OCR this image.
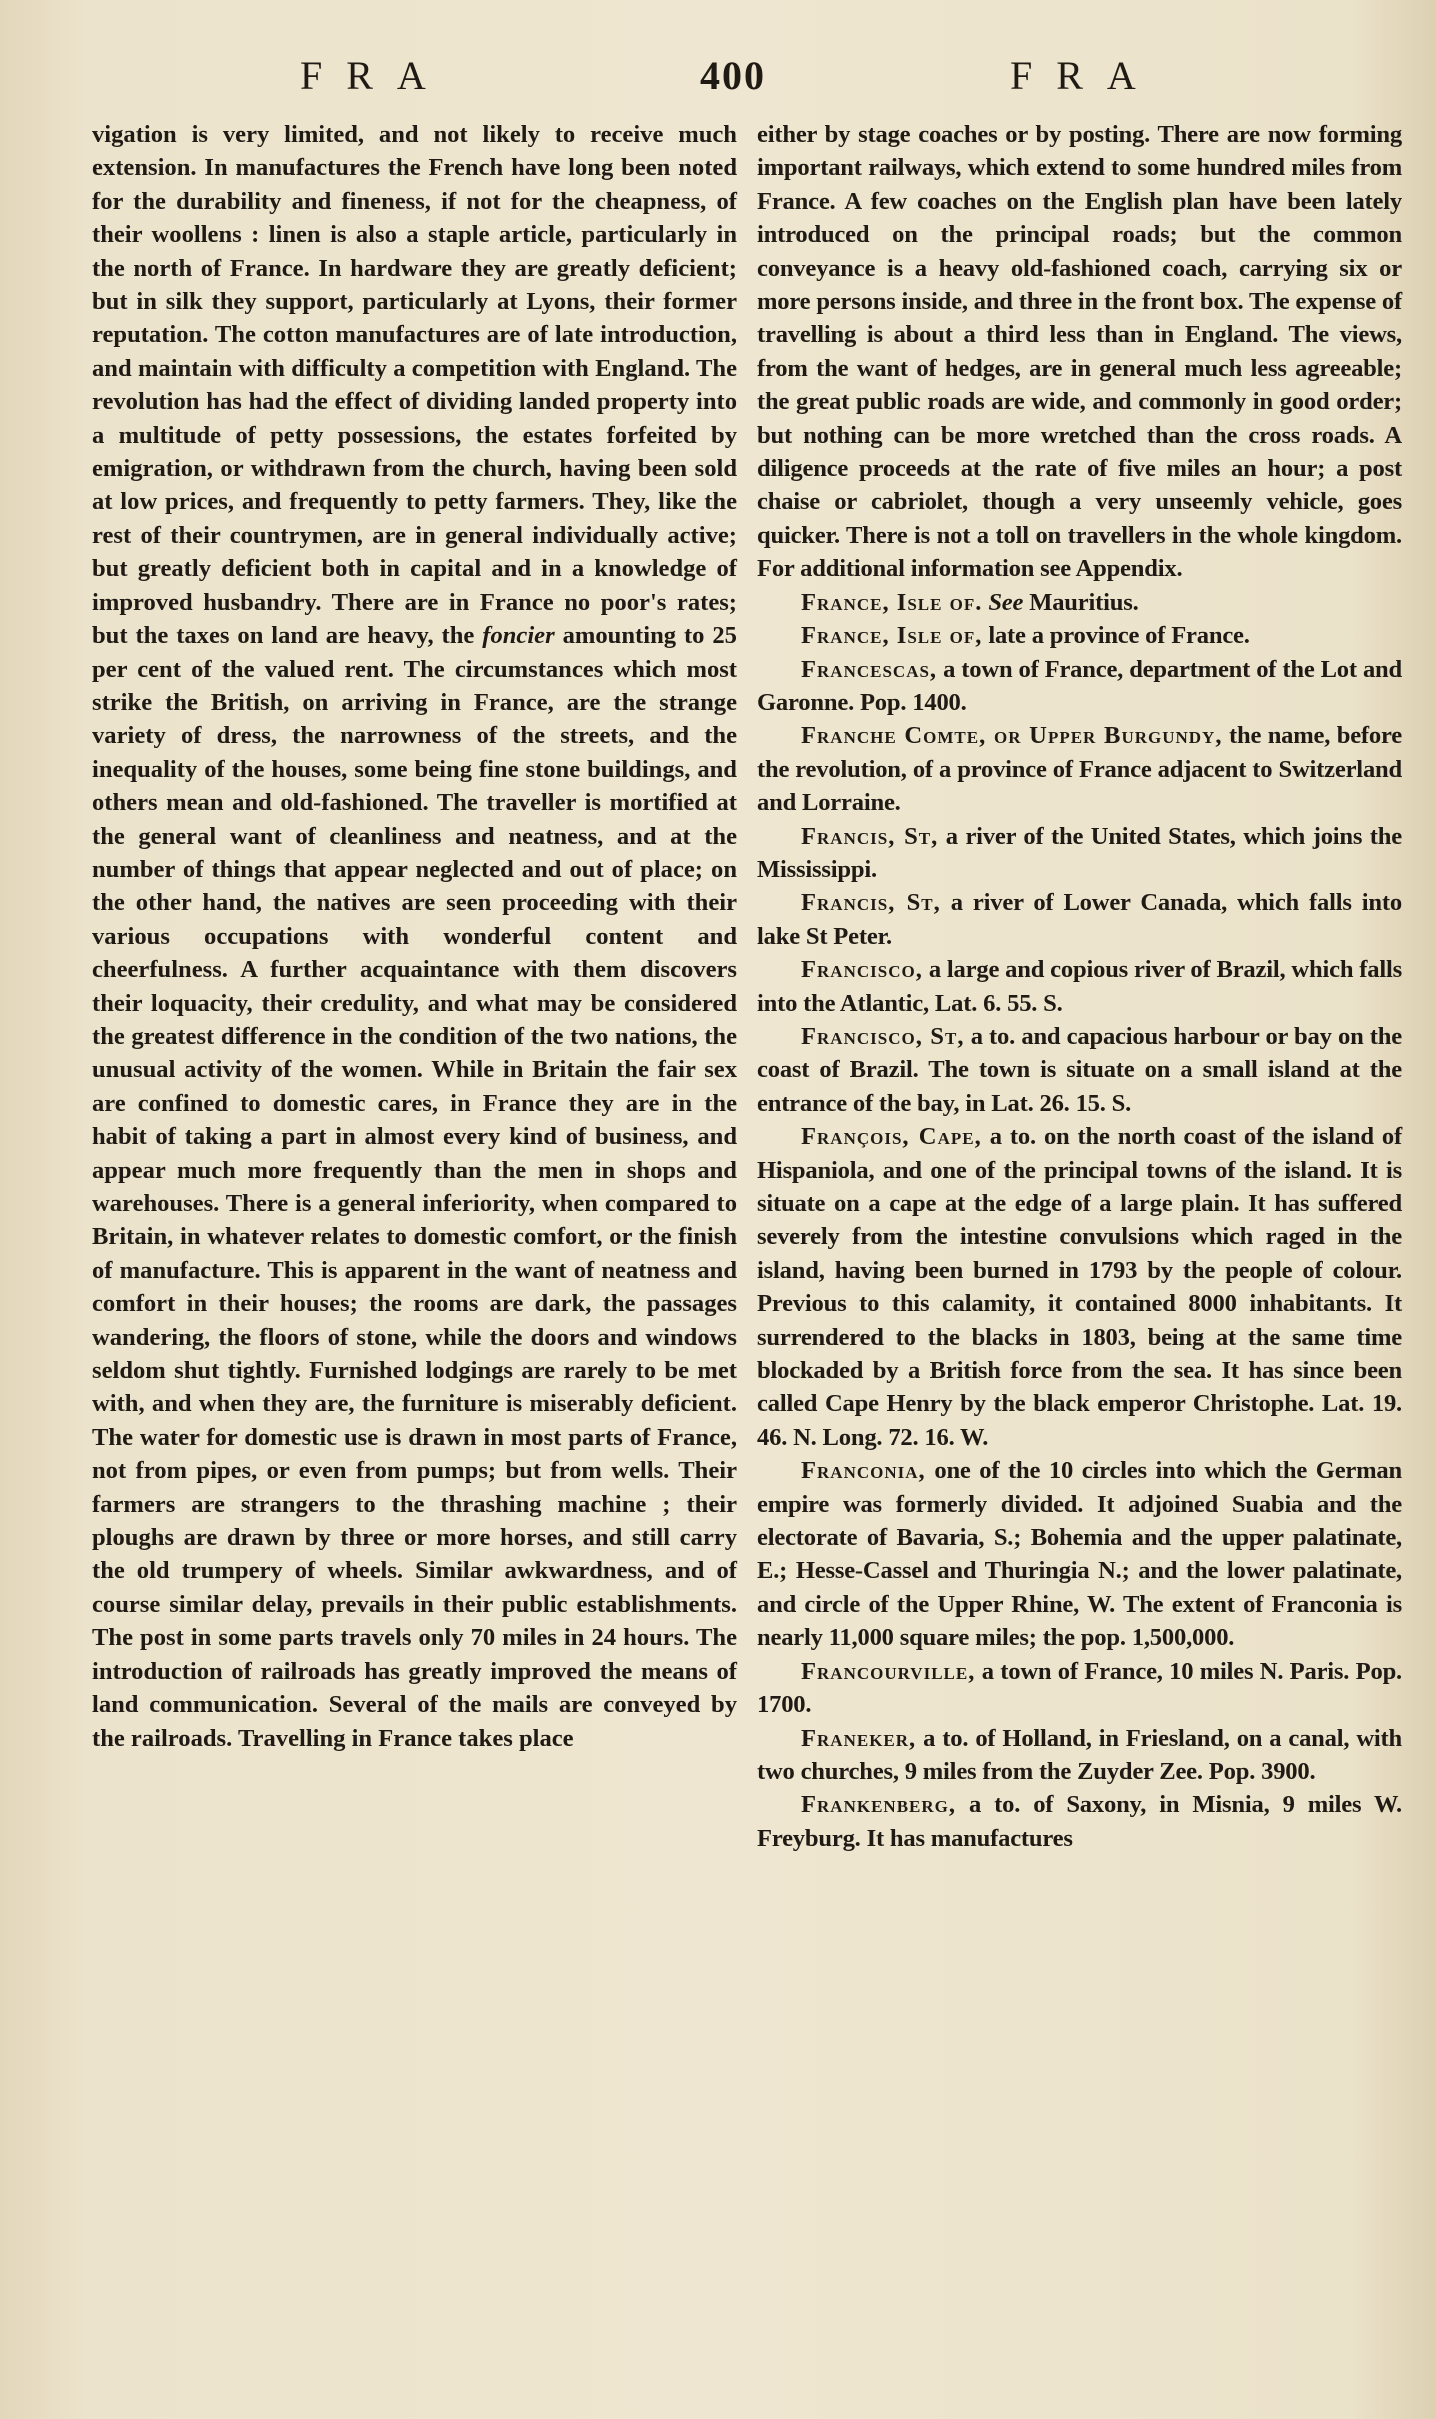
FRA	400	FRA

vigation is very limited, and not likely to receive much extension. In manufactures the French have long been noted for the durability and fineness, if not for the cheapness, of their woollens : linen is also a staple article, particularly in the north of France. In hardware they are greatly deficient; but in silk they support, particularly at Lyons, their former reputation. The cotton manufactures are of late introduction, and maintain with difficulty a competition with England. The revolution has had the effect of dividing landed property into a multitude of petty possessions, the estates forfeited by emigration, or withdrawn from the church, having been sold at low prices, and frequently to petty farmers. They, like the rest of their countrymen, are in general individually active; but greatly deficient both in capital and in a knowledge of improved husbandry. There are in France no poor's rates; but the taxes on land are heavy, the foncier amounting to 25 per cent of the valued rent. The circumstances which most strike the British, on arriving in France, are the strange variety of dress, the narrowness of the streets, and the inequality of the houses, some being fine stone buildings, and others mean and old-fashioned. The traveller is mortified at the general want of cleanliness and neatness, and at the number of things that appear neglected and out of place; on the other hand, the natives are seen proceeding with their various occupations with wonderful content and cheerfulness. A further acquaintance with them discovers their loquacity, their credulity, and what may be considered the greatest difference in the condition of the two nations, the unusual activity of the women. While in Britain the fair sex are confined to domestic cares, in France they are in the habit of taking a part in almost every kind of business, and appear much more frequently than the men in shops and warehouses. There is a general inferiority, when compared to Britain, in whatever relates to domestic comfort, or the finish of manufacture. This is apparent in the want of neatness and comfort in their houses; the rooms are dark, the passages wandering, the floors of stone, while the doors and windows seldom shut tightly. Furnished lodgings are rarely to be met with, and when they are, the furniture is miserably deficient. The water for domestic use is drawn in most parts of France, not from pipes, or even from pumps; but from wells. Their farmers are strangers to the thrashing machine ; their ploughs are drawn by three or more horses, and still carry the old trumpery of wheels. Similar awkwardness, and of course similar delay, prevails in their public establishments. The post in some parts travels only 70 miles in 24 hours. The introduction of railroads has greatly improved the means of land communication. Several of the mails are conveyed by the railroads. Travelling in France takes place

either by stage coaches or by posting. There are now forming important railways, which extend to some hundred miles from France. A few coaches on the English plan have been lately introduced on the principal roads; but the common conveyance is a heavy old-fashioned coach, carrying six or more persons inside, and three in the front box. The expense of travelling is about a third less than in England. The views, from the want of hedges, are in general much less agreeable; the great public roads are wide, and commonly in good order; but nothing can be more wretched than the cross roads. A diligence proceeds at the rate of five miles an hour; a post chaise or cabriolet, though a very unseemly vehicle, goes quicker. There is not a toll on travellers in the whole kingdom. For additional information see Appendix.

France, Isle of. See Mauritius.

France, Isle of, late a province of France.

Francescas, a town of France, department of the Lot and Garonne. Pop. 1400.

Franche Comte, or Upper Burgundy, the name, before the revolution, of a province of France adjacent to Switzerland and Lorraine.

Francis, St, a river of the United States, which joins the Mississippi.

Francis, St, a river of Lower Canada, which falls into lake St Peter.

Francisco, a large and copious river of Brazil, which falls into the Atlantic, Lat. 6. 55. S.

Francisco, St, a to. and capacious harbour or bay on the coast of Brazil. The town is situate on a small island at the entrance of the bay, in Lat. 26. 15. S.

François, Cape, a to. on the north coast of the island of Hispaniola, and one of the principal towns of the island. It is situate on a cape at the edge of a large plain. It has suffered severely from the intestine convulsions which raged in the island, having been burned in 1793 by the people of colour. Previous to this calamity, it contained 8000 inhabitants. It surrendered to the blacks in 1803, being at the same time blockaded by a British force from the sea. It has since been called Cape Henry by the black emperor Christophe. Lat. 19. 46. N. Long. 72. 16. W.

Franconia, one of the 10 circles into which the German empire was formerly divided. It adjoined Suabia and the electorate of Bavaria, S.; Bohemia and the upper palatinate, E.; Hesse-Cassel and Thuringia N.; and the lower palatinate, and circle of the Upper Rhine, W. The extent of Franconia is nearly 11,000 square miles; the pop. 1,500,000.

Francourville, a town of France, 10 miles N. Paris. Pop. 1700.

Franeker, a to. of Holland, in Friesland, on a canal, with two churches, 9 miles from the Zuyder Zee. Pop. 3900.

Frankenberg, a to. of Saxony, in Misnia, 9 miles W. Freyburg. It has manufactures
